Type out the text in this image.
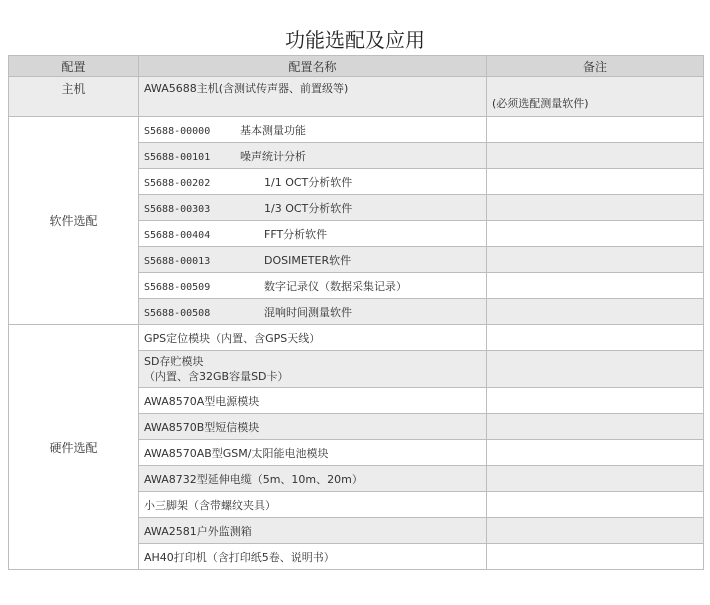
功能选配及应用
配置	配置名称	备注
主机	AWA5688主机(含测试传声器、前置级等)	(必须选配测量软件)
软件选配	S5688-00000 基本测量功能	
	S5688-00101 噪声统计分析	
	S5688-00202 1/1 OCT分析软件	
	S5688-00303 1/3 OCT分析软件	
	S5688-00404 FFT分析软件	
	S5688-00013 DOSIMETER软件	
	S5688-00509 数字记录仪（数据采集记录）	
	S5688-00508 混响时间测量软件	
硬件选配	GPS定位模块（内置、含GPS天线）	

	SD存贮模块
（内置、含32GB容量SD卡）	

	AWA8570A型电源模块	
	AWA8570B型短信模块	
	AWA8570AB型GSM/太阳能电池模块	
	AWA8732型延伸电缆（5m、10m、20m）	
	小三脚架（含带螺纹夹具）	
	AWA2581户外监测箱	
	AH40打印机（含打印纸5卷、说明书）	
